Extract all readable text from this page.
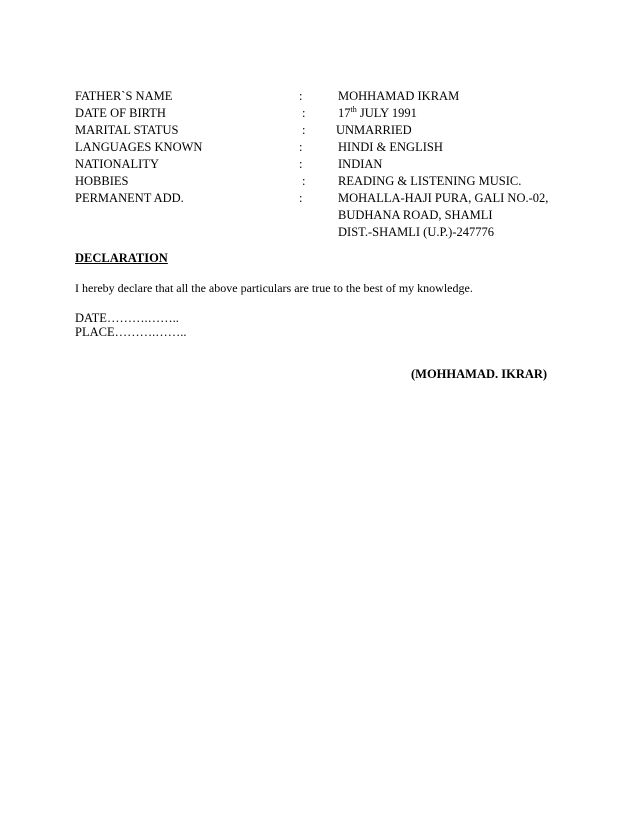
FATHER`S NAME	:	MOHHAMAD IKRAM
DATE OF BIRTH	:	17th JULY 1991
MARITAL STATUS	: UNMARRIED
LANGUAGES KNOWN	:	HINDI & ENGLISH
NATIONALITY	:	INDIAN
HOBBIES	:	READING & LISTENING MUSIC.
PERMANENT ADD.	:	MOHALLA-HAJI PURA, GALI NO.-02,
BUDHANA ROAD, SHAMLI
DIST.-SHAMLI (U.P.)-247776
DECLARATION
I hereby declare that all the above particulars are true to the best of my knowledge.
DATE……….……..
PLACE……….……..
(MOHHAMAD. IKRAR)
